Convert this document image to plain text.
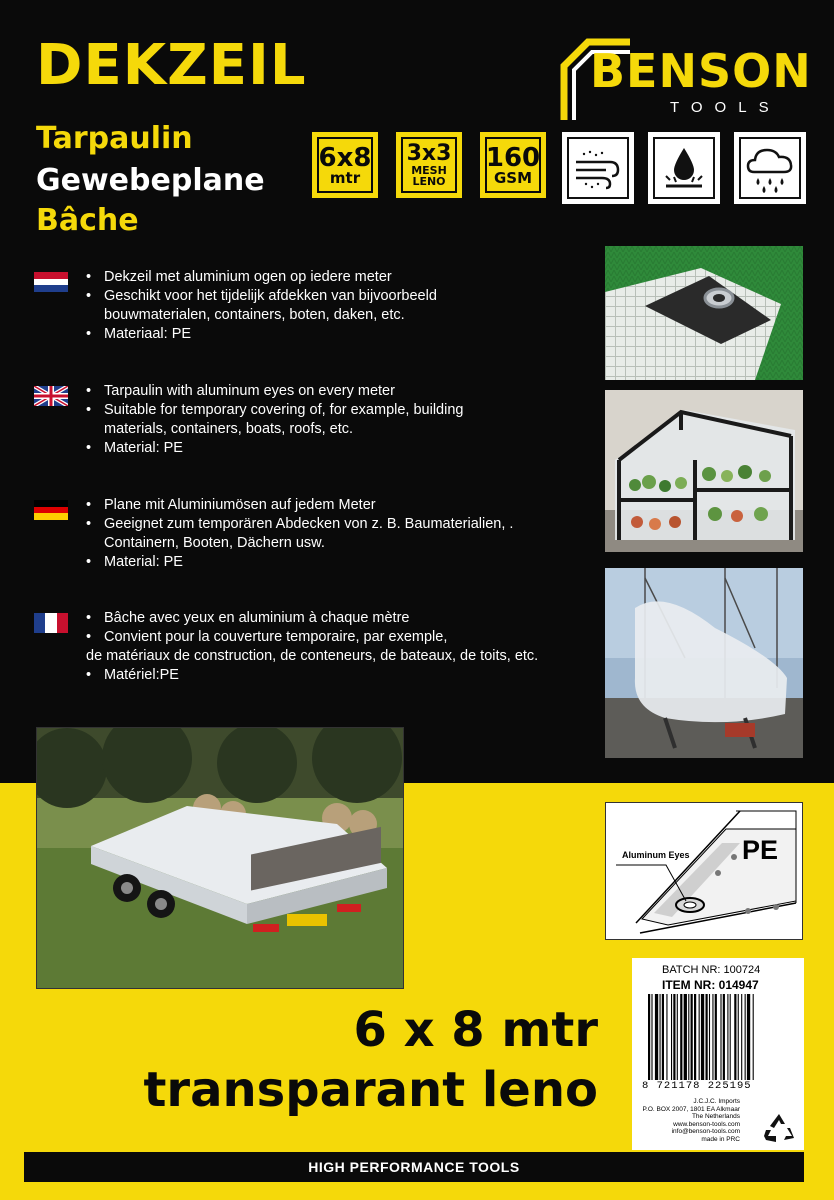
DEKZEIL
Tarpaulin
Gewebeplane
Bâche
BENSON
TOOLS
6x8
mtr
3x3
MESH
LENO
160
GSM
• Dekzeil met aluminium ogen op iedere meter
• Geschikt voor het tijdelijk afdekken van bijvoorbeeld
bouwmaterialen, containers, boten, daken, etc.
• Materiaal: PE
• Tarpaulin with aluminum eyes on every meter
• Suitable for temporary covering of, for example, building
materials, containers, boats, roofs, etc.
• Material: PE
• Plane mit Aluminiumösen auf jedem Meter
• Geeignet zum temporären Abdecken von z. B. Baumaterialien, .
Containern, Booten, Dächern usw.
• Material: PE
• Bâche avec yeux en aluminium à chaque mètre
• Convient pour la couverture temporaire, par exemple,
de matériaux de construction, de conteneurs, de bateaux, de toits, etc.
• Matériel:PE
Aluminum Eyes PE
6 x 8 mtr
transparant leno
BATCH NR: 100724
ITEM NR: 014947
8 721178 225195
J.C.J.C. Imports
P.O. BOX 2007, 1801 EA Alkmaar
The Netherlands
www.benson-tools.com
info@benson-tools.com
made in PRC
HIGH PERFORMANCE TOOLS
